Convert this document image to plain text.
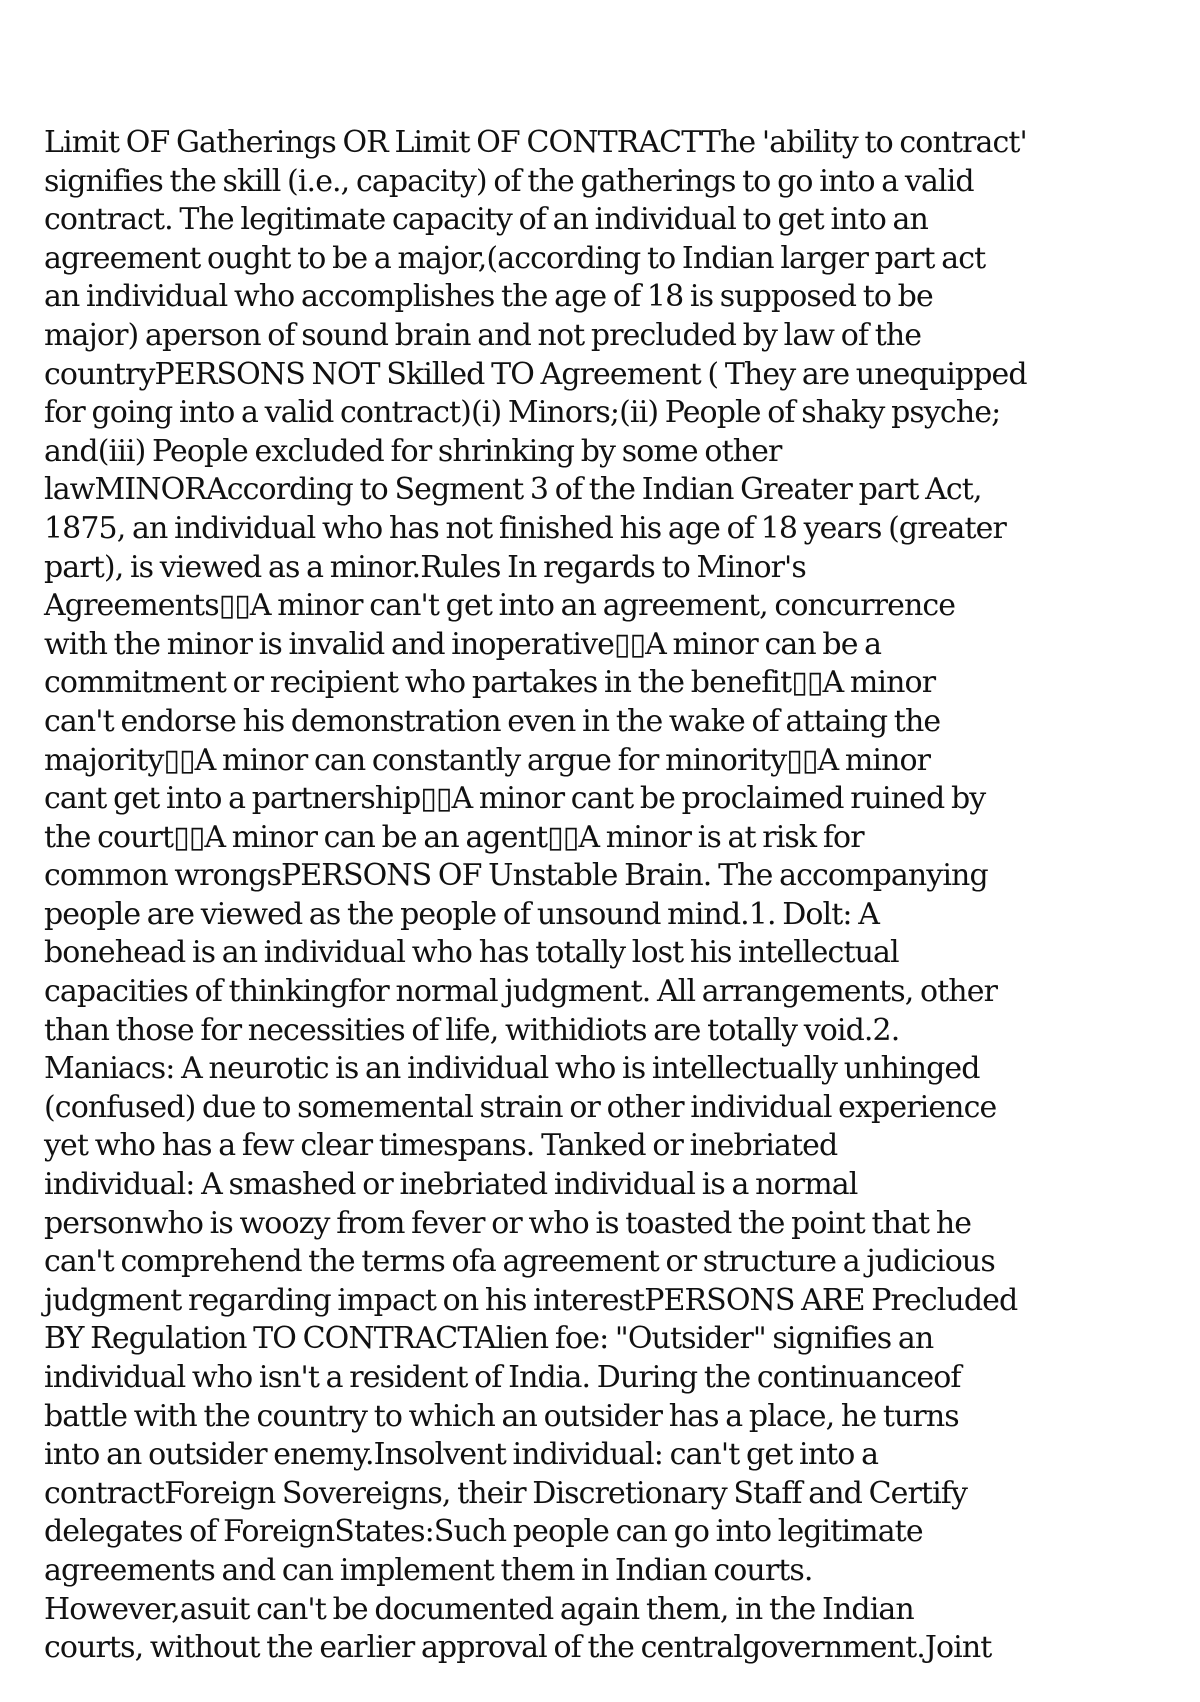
Limit OF Gatherings OR Limit OF CONTRACTThe 'ability to contract'
signifies the skill (i.e., capacity) of the gatherings to go into a valid
contract. The legitimate capacity of an individual to get into an
agreement ought to be a major,(according to Indian larger part act
an individual who accomplishes the age of 18 is supposed to be
major) aperson of sound brain and not precluded by law of the
countryPERSONS NOT Skilled TO Agreement ( They are unequipped
for going into a valid contract)(i) Minors;(ii) People of shaky psyche;
and(iii) People excluded for shrinking by some other
lawMINORAccording to Segment 3 of the Indian Greater part Act,
1875, an individual who has not finished his age of 18 years (greater
part), is viewed as a minor.Rules In regards to Minor's
Agreements▯▯A minor can't get into an agreement, concurrence
with the minor is invalid and inoperative▯▯A minor can be a
commitment or recipient who partakes in the benefit▯▯A minor
can't endorse his demonstration even in the wake of attaing the
majority▯▯A minor can constantly argue for minority▯▯A minor
cant get into a partnership▯▯A minor cant be proclaimed ruined by
the court▯▯A minor can be an agent▯▯A minor is at risk for
common wrongsPERSONS OF Unstable Brain. The accompanying
people are viewed as the people of unsound mind.1. Dolt: A
bonehead is an individual who has totally lost his intellectual
capacities of thinkingfor normal judgment. All arrangements, other
than those for necessities of life, withidiots are totally void.2.
Maniacs: A neurotic is an individual who is intellectually unhinged
(confused) due to somemental strain or other individual experience
yet who has a few clear timespans. Tanked or inebriated
individual: A smashed or inebriated individual is a normal
personwho is woozy from fever or who is toasted the point that he
can't comprehend the terms ofa agreement or structure a judicious
judgment regarding impact on his interestPERSONS ARE Precluded
BY Regulation TO CONTRACTAlien foe: "Outsider" signifies an
individual who isn't a resident of India. During the continuanceof
battle with the country to which an outsider has a place, he turns
into an outsider enemy.Insolvent individual: can't get into a
contractForeign Sovereigns, their Discretionary Staff and Certify
delegates of ForeignStates:Such people can go into legitimate
agreements and can implement them in Indian courts.
However,asuit can't be documented again them, in the Indian
courts, without the earlier approval of the centralgovernment.Joint
